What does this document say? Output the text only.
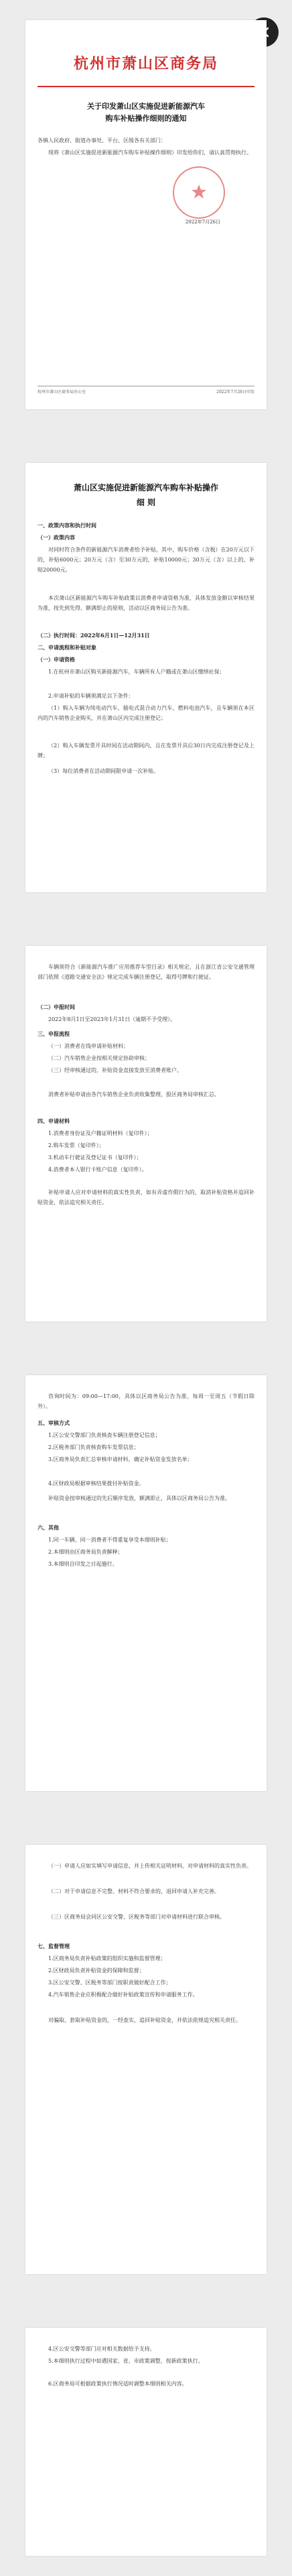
杭州市萧山区商务局
关于印发萧山区实施促进新能源汽车
购车补贴操作细则的通知
各镇人民政府、街道办事处、平台、区级各有关部门：
现将《萧山区实施促进新能源汽车购车补贴操作细则》印发给你们，请认真贯彻执行。
2022年7月26日
杭州市萧山区商务局办公室	2022年7月26日印发
萧山区实施促进新能源汽车购车补贴操作
细 则
一、政策内容和执行时间
（一）政策内容
对同时符合条件的新能源汽车消费者给予补贴，其中，购车价格（含税）在20万元以下的，补贴6000元；20万元（含）至30万元的，补贴10000元；30万元（含）以上的，补贴20000元。
本次萧山区新能源汽车购车补贴政策以消费者申请资格为准，具体发放金额以审核结果为准，按先到先得、额满即止的原则，活动以区商务局公告为准。
（二）执行时间：2022年6月1日—12月31日
二、申请流程和补贴对象
（一）申请资格
1.在杭州市萧山区购买新能源汽车，车辆所有人户籍或在萧山区缴纳社保；
2.申请补贴的车辆须满足以下条件：
（1）购入车辆为纯电动汽车、插电式混合动力汽车、燃料电池汽车，且车辆须在本区内的汽车销售企业购买，并在萧山区内完成注册登记；
（2）购入车辆发票开具时间在活动期间内，且在发票开具后30日内完成注册登记及上牌；
（3）每位消费者在活动期间限申请一次补贴。
车辆须符合《新能源汽车推广应用推荐车型目录》相关规定，且在浙江省公安交通管理部门依照《道路交通安全法》规定完成车辆注册登记，取得号牌和行驶证。
（二）申报时间
2022年8月1日至2023年1月31日（逾期不予受理）。
三、申报流程
（一）消费者在线申请补贴材料；
（二）汽车销售企业按相关规定协助审核；
（三）经审核通过的，补贴资金直接发放至消费者账户。
消费者补贴申请由各汽车销售企业负责收集整理，报区商务局审核汇总。
四、申请材料
1.消费者身份证及户籍证明材料（复印件）；
2.购车发票（复印件）；
3.机动车行驶证及登记证书（复印件）；
4.消费者本人银行卡账户信息（复印件）。
补贴申请人应对申请材料的真实性负责，如有弄虚作假行为的，取消补贴资格并追回补贴资金，依法追究相关责任。
咨询时间为：09:00—17:00，具体以区商务局公告为准，每周一至周五（节假日除外）。
五、审核方式
1.区公安交警部门负责核查车辆注册登记信息；
2.区税务部门负责核查购车发票信息；
3.区商务局负责汇总审核申请材料，确定补贴资金发放名单；
4.区财政局根据审核结果拨付补贴资金。
补贴资金按审核通过的先后顺序发放，额满即止，具体以区商务局公告为准。
六、其他
1.同一车辆、同一消费者不得重复享受本细则补贴；
2.本细则由区商务局负责解释；
3.本细则自印发之日起施行。
（一）申请人应如实填写申请信息，并上传相关证明材料，对申请材料的真实性负责。
（二）对于申请信息不完整、材料不符合要求的，退回申请人补充完善。
（三）区商务局会同区公安交警、区税务等部门对申请材料进行联合审核。
七、监督管理
1.区商务局负责补贴政策的组织实施和监督管理；
2.区财政局负责补贴资金的保障和监督；
3.区公安交警、区税务等部门按职责做好配合工作；
4.汽车销售企业应积极配合做好补贴政策宣传和申请服务工作。
对骗取、套取补贴资金的，一经查实，追回补贴资金，并依法依规追究相关责任。
4.区公安交警等部门应对相关数据给予支持。
5.本细则执行过程中如遇国家、省、市政策调整，按新政策执行。
6.区商务局可根据政策执行情况适时调整本细则相关内容。
